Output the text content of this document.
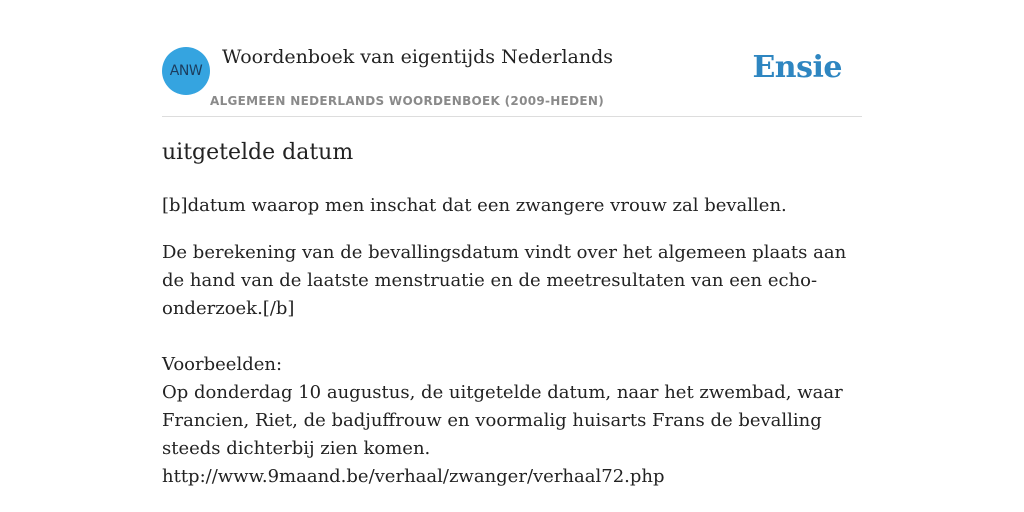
ANW
Woordenboek van eigentijds Nederlands
ALGEMEEN NEDERLANDS WOORDENBOEK (2009-HEDEN)
Ensie
uitgetelde datum

[b]datum waarop men inschat dat een zwangere vrouw zal bevallen.

De berekening van de bevallingsdatum vindt over het algemeen plaats aan de hand van de laatste menstruatie en de meetresultaten van een echo-onderzoek.[/b]

Voorbeelden:

Op donderdag 10 augustus, de uitgetelde datum, naar het zwembad, waar Francien, Riet, de badjuffrouw en voormalig huisarts Frans de bevalling steeds dichterbij zien komen.

http://www.9maand.be/verhaal/zwanger/verhaal72.php
